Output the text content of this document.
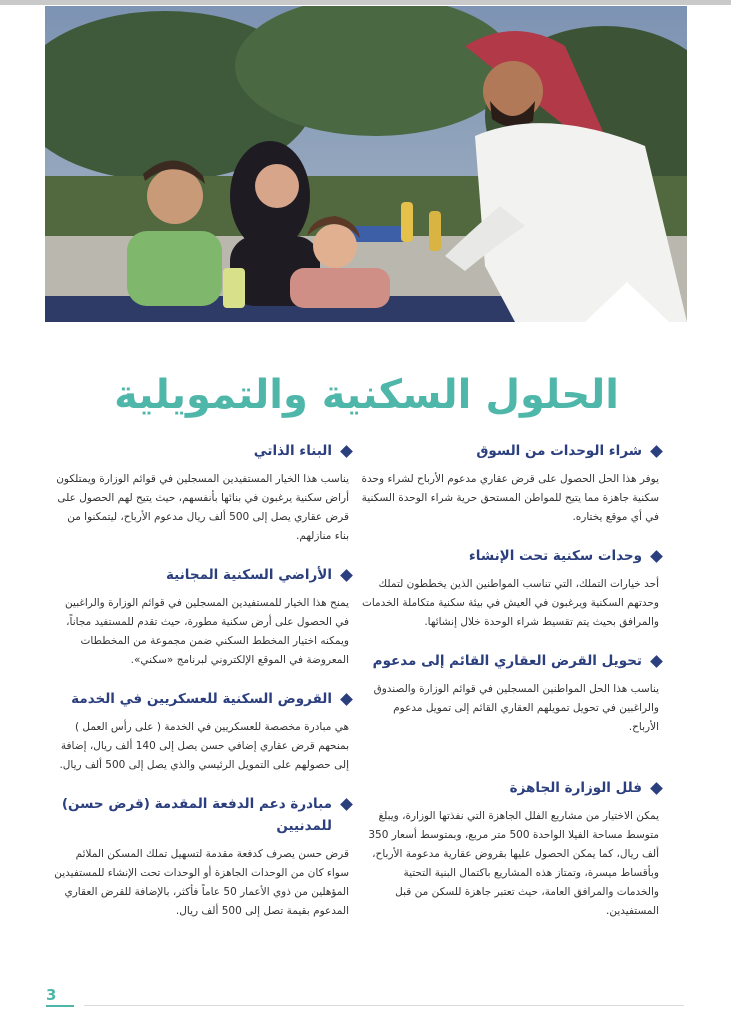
الحلول السكنية والتمويلية
شراء الوحدات من السوق

يوفر هذا الحل الحصول على قرض عقاري مدعوم الأرباح لشراء وحدة سكنية جاهزة مما يتيح للمواطن المستحق حرية شراء الوحدة السكنية في أي موقع يختاره.

وحدات سكنية تحت الإنشاء

أحد خيارات التملك، التي تناسب المواطنين الذين يخططون لتملك وحدتهم السكنية ويرغبون في العيش في بيئة سكنية متكاملة الخدمات والمرافق بحيث يتم تقسيط شراء الوحدة خلال إنشائها.

تحويل القرض العقاري القائم إلى مدعوم

يناسب هذا الحل المواطنين المسجلين في قوائم الوزارة والصندوق والراغبين في تحويل تمويلهم العقاري القائم إلى تمويل مدعوم الأرباح.

فلل الوزارة الجاهزة

يمكن الاختيار من مشاريع الفلل الجاهزة التي نفذتها الوزارة، ويبلغ متوسط مساحة الفيلا الواحدة 500 متر مربع، وبمتوسط أسعار 350 ألف ريال، كما يمكن الحصول عليها بقروض عقارية مدعومة الأرباح، وبأقساط ميسرة، وتمتاز هذه المشاريع باكتمال البنية التحتية والخدمات والمرافق العامة، حيث تعتبر جاهزة للسكن من قبل المستفيدين.

البناء الذاتي

يناسب هذا الخيار المستفيدين المسجلين في قوائم الوزارة ويمتلكون أراض سكنية يرغبون في بنائها بأنفسهم، حيث يتيح لهم الحصول على قرض عقاري يصل إلى 500 ألف ريال مدعوم الأرباح، ليتمكنوا من بناء منازلهم.

الأراضي السكنية المجانية

يمنح هذا الخيار للمستفيدين المسجلين في قوائم الوزارة والراغبين في الحصول على أرض سكنية مطورة، حيث تقدم للمستفيد مجاناً، ويمكنه اختيار المخطط السكني ضمن مجموعة من المخططات المعروضة في الموقع الإلكتروني لبرنامج «سكني».

القروض السكنية للعسكريين في الخدمة

هي مبادرة مخصصة للعسكريين في الخدمة ( على رأس العمل ) بمنحهم قرض عقاري إضافي حسن يصل إلى 140 ألف ريال، إضافة إلى حصولهم على التمويل الرئيسي والذي يصل إلى 500 ألف ريال.

مبادرة دعم الدفعة المقدمة (قرض حسن) للمدنيين

قرض حسن يصرف كدفعة مقدمة لتسهيل تملك المسكن الملائم سواء كان من الوحدات الجاهزة أو الوحدات تحت الإنشاء للمستفيدين المؤهلين من ذوي الأعمار 50 عاماً فأكثر، بالإضافة للقرض العقاري المدعوم بقيمة تصل إلى 500 ألف ريال.

3
